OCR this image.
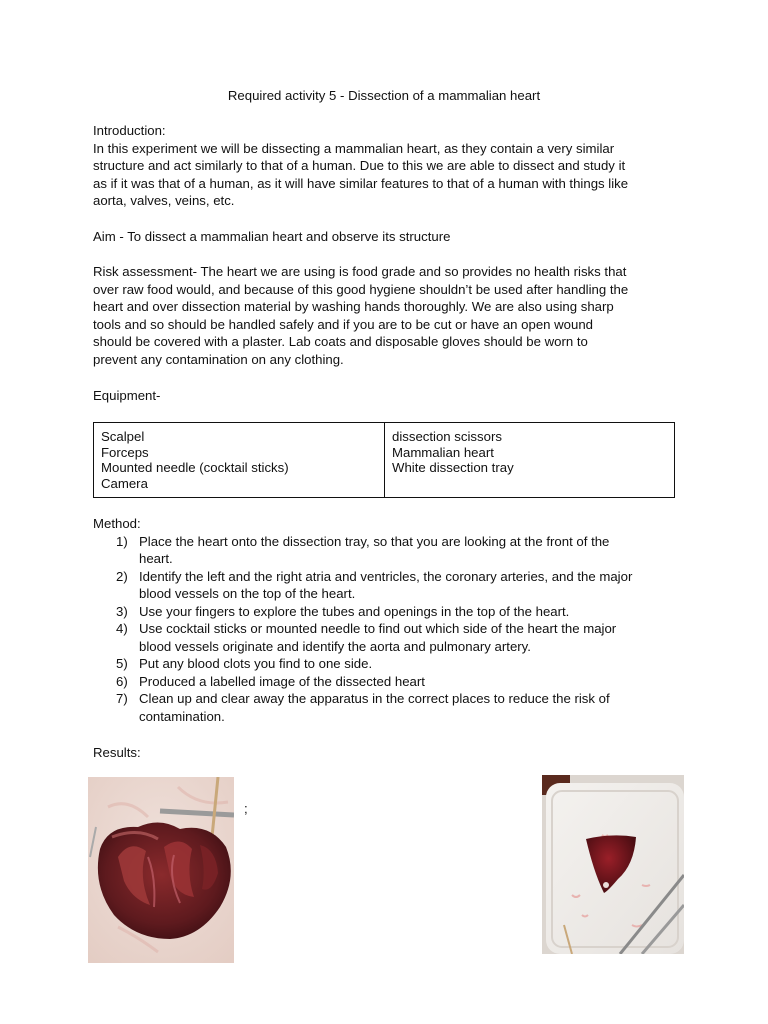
Required activity 5 - Dissection of a mammalian heart
Introduction:
In this experiment we will be dissecting a mammalian heart, as they contain a very similar
structure and act similarly to that of a human. Due to this we are able to dissect and study it
as if it was that of a human, as it will have similar features to that of a human with things like
aorta, valves, veins, etc.
Aim - To dissect a mammalian heart and observe its structure
Risk assessment- The heart we are using is food grade and so provides no health risks that
over raw food would, and because of this good hygiene shouldn’t be used after handling the
heart and over dissection material by washing hands thoroughly. We are also using sharp
tools and so should be handled safely and if you are to be cut or have an open wound
should be covered with a plaster. Lab coats and disposable gloves should be worn to
prevent any contamination on any clothing.
Equipment-
Scalpel
Forceps
Mounted needle (cocktail sticks)
Camera
dissection scissors
Mammalian heart
White dissection tray
Method:
1) Place the heart onto the dissection tray, so that you are looking at the front of the
heart.
2) Identify the left and the right atria and ventricles, the coronary arteries, and the major
blood vessels on the top of the heart.
3) Use your fingers to explore the tubes and openings in the top of the heart.
4) Use cocktail sticks or mounted needle to find out which side of the heart the major
blood vessels originate and identify the aorta and pulmonary artery.
5) Put any blood clots you find to one side.
6) Produced a labelled image of the dissected heart
7) Clean up and clear away the apparatus in the correct places to reduce the risk of
contamination.
Results:
;
